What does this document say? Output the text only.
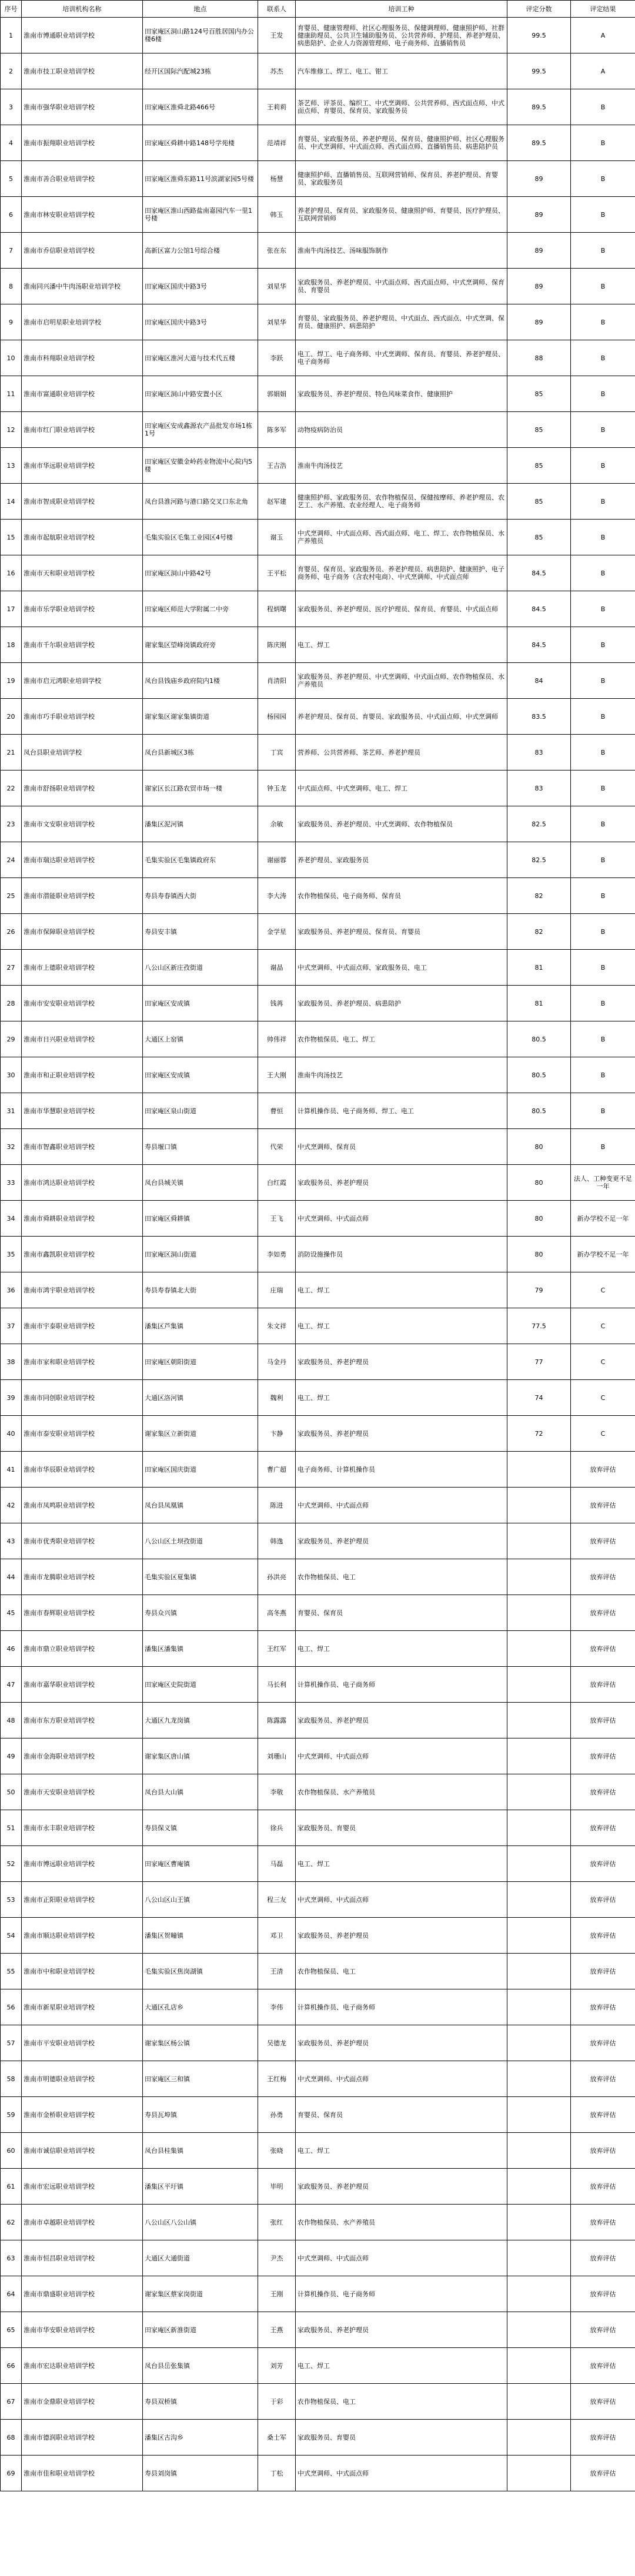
序号	培训机构名称	地点	联系人	培训工种	评定分数	评定结果
1	淮南市博通职业培训学校	田家庵区洞山路124号百胜居国内办公楼6楼	王发	育婴员、健康管理师、社区心理服务员、保健调理师、健康照护师、社群健康助理员、公共卫生辅助服务员、公共营养师、护理员、养老护理员、病患陪护、企业人力资源管理师、电子商务师、直播销售员	99.5	A
2	淮南市技工职业培训学校	经开区国际汽配城23栋	苏杰	汽车维修工、焊工、电工、钳工	99.5	A
3	淮南市强华职业培训学校	田家庵区淮舜北路466号	王莉莉	茶艺师、评茶员、编织工、中式烹调师、公共营养师、西式面点师、中式面点师、育婴员、保育员、家政服务员	89.5	B
4	淮南市振翔职业培训学校	田家庵区舜耕中路148号学苑楼	范靖祥	育婴员、家政服务员、养老护理员、保育员、健康照护师、社区心理服务员、中式烹调师、中式面点师、西式面点师、直播销售员、病患陪护员	89.5	B
5	淮南市善合职业培训学校	田家庵区淮舜东路11号滨湖家园5号楼	杨慧	健康照护师、直播销售员、互联网营销师、保育员、养老护理员、育婴员、家政服务员	89	B
6	淮南市林安职业培训学校	田家庵区淮山西路盐南嘉园汽车一里1号楼	韩玉	养老护理员、保育员、家政服务员、健康照护师、育婴员、医疗护理员、互联网营销师	89	B
7	淮南市乔信职业培训学校	高新区富力公馆1号综合楼	张在东	淮南牛肉汤技艺、汤味服饰制作	89	B
8	淮南同兴潘中牛肉汤职业培训学校	田家庵区国庆中路3号	刘星华	家政服务员、养老护理员、中式面点师、西式面点师、中式烹调师、保育员、育婴员	89	B
9	淮南市启明星职业培训学校	田家庵区国庆中路3号	刘星华	育婴员、家政服务员、养老护理员、中式面点、西式面点、中式烹调、保育员、健康照护、病患陪护	89	B
10	淮南市科翔职业培训学校	田家庵区淮河大道与技术代五楼	李跃	电工、焊工、电子商务师、中式烹调师、保育员、育婴员、养老护理员、电子商务师	88	B
11	淮南市富通职业培训学校	田家庵区洞山中路安置小区	郭娟娟	家政服务员、养老护理员、特色风味菜食作、健康照护	85	B
12	淮南市红门职业培训学校	田家庵区安成鑫源农产品批发市场1栋1号	陈多军	动物疫病防治员	85	B
13	淮南市华远职业培训学校	田家庵区安徽金岭药业物流中心院内5楼	王吉浩	淮南牛肉汤技艺	85	B
14	淮南市智成职业培训学校	凤台县淮河路与港口路交叉口东北角	赵军建	健康照护师、家政服务员、农作物植保员、保健按摩师、养老护理员、农艺工、水产养殖、农业经理人、电子商务师	85	B
15	淮南市起航职业培训学校	毛集实验区毛集工业园区4号楼	谢玉	中式烹调师、中式面点师、西式面点师、电工、焊工、农作物植保员、水产养殖员	85	B
16	淮南市天和职业培训学校	田家庵区洞山中路42号	王平松	育婴员、保育员、家政服务员、养老护理员、病患陪护、健康照护、电子商务师、电子商务（含农村电商）、中式烹调师、中式面点师	84.5	B
17	淮南市乐学职业培训学校	田家庵区师范大学附属二中旁	程炳曙	家政服务员、养老护理员、医疗护理员、保育员、育婴员、中式面点师	84.5	B
18	淮南市千尔职业培训学校	谢家集区望峰岗镇政府旁	陈庆刚	电工、焊工	84.5	B
19	淮南市启元鸿职业培训学校	凤台县钱庙乡政府院内1楼	肖清阳	家政服务员、养老护理员、中式烹调师、中式面点师、农作物植保员、水产养殖员	84	B
20	淮南市巧手职业培训学校	谢家集区谢家集镇街道	杨园园	养老护理员、保育员、育婴员、家政服务员、中式面点师、中式烹调师	83.5	B
21	凤台县职业培训学校	凤台县新城区3栋	丁宾	营养师、公共营养师、茶艺师、养老护理员	83	B
22	淮南市舒扬职业培训学校	谢家区长江路农贸市场一楼	钟玉龙	中式面点师、中式烹调师、电工、焊工	83	B
23	淮南市文安职业培训学校	潘集区泥河镇	余敏	家政服务员、养老护理员、中式烹调师、农作物植保员	82.5	B
24	淮南市瑞达职业培训学校	毛集实验区毛集镇政府东	谢丽蓉	养老护理员、家政服务员	82.5	B
25	淮南市潜能职业培训学校	寿县寿春镇西大街	李大涛	农作物植保员、电子商务师、保育员	82	B
26	淮南市保障职业培训学校	寿县安丰镇	金学星	家政服务员、养老护理员、保育员、育婴员	82	B
27	淮南市上德职业培训学校	八公山区新庄孜街道	谢晶	中式烹调师、中式面点师、家政服务员、电工	81	B
28	淮南市安安职业培训学校	田家庵区安成镇	钱苒	家政服务员、养老护理员、病患陪护	81	B
29	淮南市日兴职业培训学校	大通区上窑镇	帅伟祥	农作物植保员、电工、焊工	80.5	B
30	淮南市和正职业培训学校	田家庵区安成镇	王大刚	淮南牛肉汤技艺	80.5	B
31	淮南市华慧职业培训学校	田家庵区泉山街道	曹恒	计算机操作员、电子商务师、焊工、电工	80.5	B
32	淮南市智鑫职业培训学校	寿县堰口镇	代荣	中式烹调师、保育员	80	B
33	淮南市鸿达职业培训学校	凤台县城关镇	白红霞	家政服务员、养老护理员	80	法人、工种变更不足一年
34	淮南市舜耕职业培训学校	田家庵区舜耕镇	王飞	中式烹调师、中式面点师	80	新办学校不足一年
35	淮南市鑫凯职业培训学校	田家庵区洞山街道	李如勇	消防设施操作员	80	新办学校不足一年
36	淮南市鸿宇职业培训学校	寿县寿春镇北大街	庄瑞	电工、焊工	79	C
37	淮南市宇泰职业培训学校	潘集区芦集镇	朱文祥	电工、焊工	77.5	C
38	淮南市家和职业培训学校	田家庵区朝阳街道	马金丹	家政服务员、养老护理员	77	C
39	淮南市同创职业培训学校	大通区洛河镇	魏利	电工、焊工	74	C
40	淮南市泰安职业培训学校	谢家集区立新街道	卞静	家政服务员、养老护理员	72	C
41	淮南市华辰职业培训学校	田家庵区国庆街道	曹广超	电子商务师、计算机操作员		放弃评估
42	淮南市凤鸣职业培训学校	凤台县凤凰镇	陈进	中式烹调师、中式面点师		放弃评估
43	淮南市优秀职业培训学校	八公山区土坝孜街道	韩逸	家政服务员、养老护理员		放弃评估
44	淮南市龙腾职业培训学校	毛集实验区夏集镇	孙洪亮	农作物植保员、电工		放弃评估
45	淮南市春辉职业培训学校	寿县众兴镇	高冬燕	育婴员、保育员		放弃评估
46	淮南市鼎立职业培训学校	潘集区潘集镇	王红军	电工、焊工		放弃评估
47	淮南市嘉华职业培训学校	田家庵区史院街道	马长利	计算机操作员、电子商务师		放弃评估
48	淮南市东方职业培训学校	大通区九龙岗镇	陈露露	家政服务员、养老护理员		放弃评估
49	淮南市金海职业培训学校	谢家集区唐山镇	刘珊山	中式烹调师、中式面点师		放弃评估
50	淮南市天安职业培训学校	凤台县大山镇	李敬	农作物植保员、水产养殖员		放弃评估
51	淮南市永丰职业培训学校	寿县保义镇	徐兵	家政服务员、育婴员		放弃评估
52	淮南市博远职业培训学校	田家庵区曹庵镇	马磊	电工、焊工		放弃评估
53	淮南市正阳职业培训学校	八公山区山王镇	程三友	中式烹调师、中式面点师		放弃评估
54	淮南市顺达职业培训学校	潘集区贺疃镇	邓卫	家政服务员、养老护理员		放弃评估
55	淮南市中和职业培训学校	毛集实验区焦岗湖镇	王清	农作物植保员、电工		放弃评估
56	淮南市新星职业培训学校	大通区孔店乡	李伟	计算机操作员、电子商务师		放弃评估
57	淮南市平安职业培训学校	谢家集区杨公镇	吴德龙	家政服务员、养老护理员		放弃评估
58	淮南市明德职业培训学校	田家庵区三和镇	王红梅	中式烹调师、中式面点师		放弃评估
59	淮南市金桥职业培训学校	寿县瓦埠镇	孙勇	育婴员、保育员		放弃评估
60	淮南市诚信职业培训学校	凤台县桂集镇	张晓	电工、焊工		放弃评估
61	淮南市宏远职业培训学校	潘集区平圩镇	毕明	家政服务员、养老护理员		放弃评估
62	淮南市卓越职业培训学校	八公山区八公山镇	张红	农作物植保员、水产养殖员		放弃评估
63	淮南市恒昌职业培训学校	大通区大通街道	尹杰	中式烹调师、中式面点师		放弃评估
64	淮南市鼎盛职业培训学校	谢家集区蔡家岗街道	王刚	计算机操作员、电子商务师		放弃评估
65	淮南市华安职业培训学校	田家庵区新淮街道	王燕	家政服务员、养老护理员		放弃评估
66	淮南市宏达职业培训学校	凤台县岳张集镇	刘芳	电工、焊工		放弃评估
67	淮南市金鼎职业培训学校	寿县双桥镇	于彩	农作物植保员、电工		放弃评估
68	淮南市德润职业培训学校	潘集区古沟乡	桑士军	家政服务员、育婴员		放弃评估
69	淮南市佳和职业培训学校	寿县刘岗镇	丁松	中式烹调师、中式面点师		放弃评估
